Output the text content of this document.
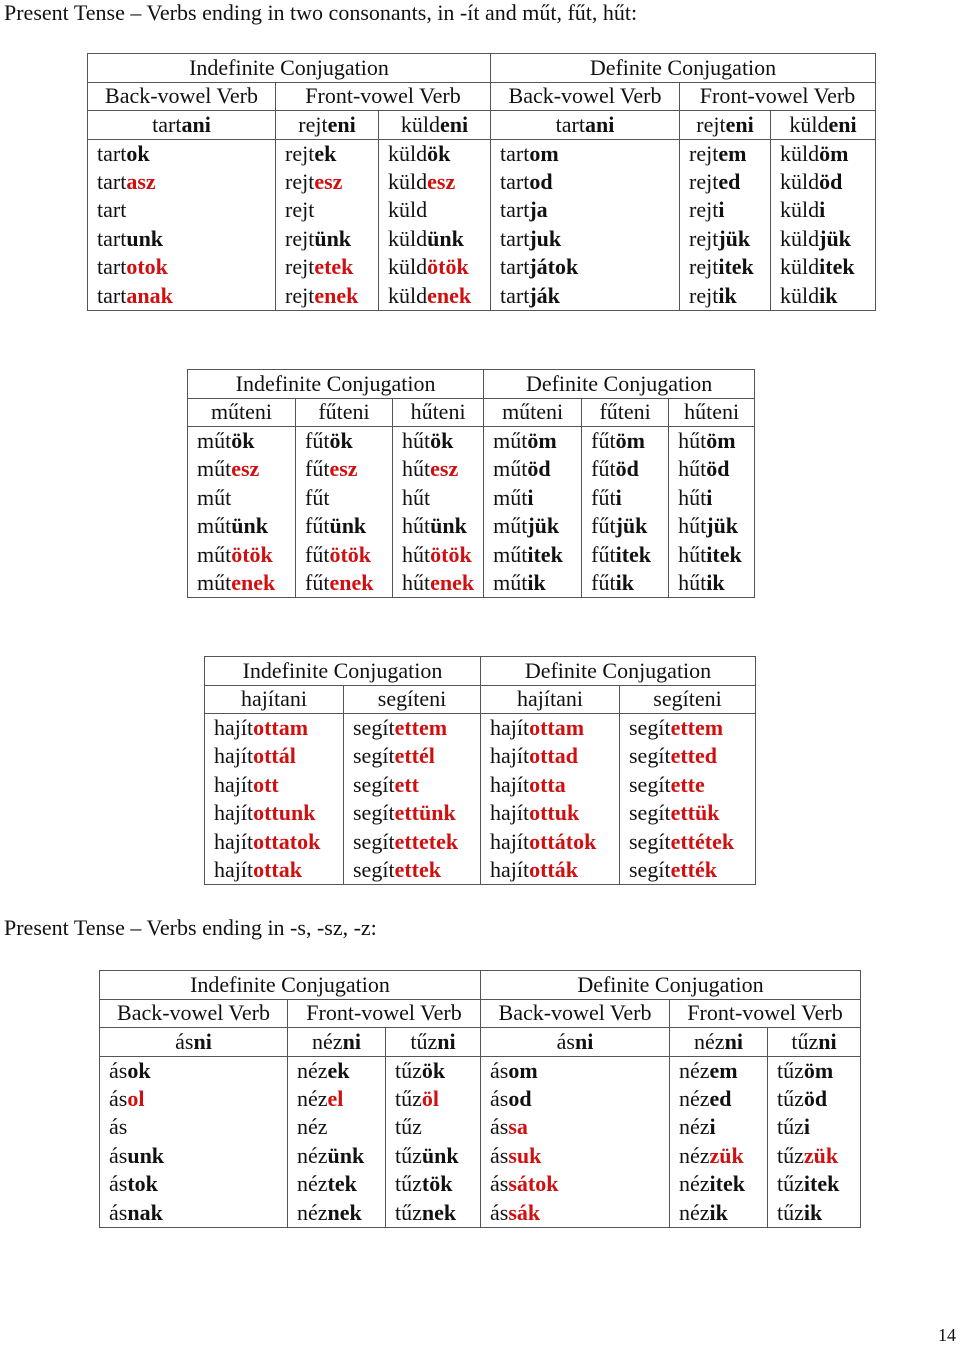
Present Tense – Verbs ending in two consonants, in -ít and műt, fűt, hűt:
Indefinite Conjugation			Definite Conjugation		
Back-vowel Verb	Front-vowel Verb		Back-vowel Verb	Front-vowel Verb	
tartani	rejteni	küldeni	tartani	rejteni	küldeni
tartok	rejtek	küldök	tartom	rejtem	küldöm
tartasz	rejtesz	küldesz	tartod	rejted	küldöd
tart	rejt	küld	tartja	rejti	küldi
tartunk	rejtünk	küldünk	tartjuk	rejtjük	küldjük
tartotok	rejtetek	küldötök	tartjátok	rejtitek	külditek
tartanak	rejtenek	küldenek	tartják	rejtik	küldik
Indefinite Conjugation			Definite Conjugation		
műteni	fűteni	hűteni	műteni	fűteni	hűteni
műtök	fűtök	hűtök	műtöm	fűtöm	hűtöm
műtesz	fűtesz	hűtesz	műtöd	fűtöd	hűtöd
műt	fűt	hűt	műti	fűti	hűti
műtünk	fűtünk	hűtünk	műtjük	fűtjük	hűtjük
műtötök	fűtötök	hűtötök	műtitek	fűtitek	hűtitek
műtenek	fűtenek	hűtenek	műtik	fűtik	hűtik
Indefinite Conjugation		Definite Conjugation	
hajítani	segíteni	hajítani	segíteni
hajítottam	segítettem	hajítottam	segítettem
hajítottál	segítettél	hajítottad	segítetted
hajított	segített	hajította	segítette
hajítottunk	segítettünk	hajítottuk	segítettük
hajítottatok	segítettetek	hajítottátok	segítettétek
hajítottak	segítettek	hajították	segítették
Present Tense – Verbs ending in -s, -sz, -z:
Indefinite Conjugation			Definite Conjugation		
Back-vowel Verb	Front-vowel Verb		Back-vowel Verb	Front-vowel Verb	
ásni	nézni	tűzni	ásni	nézni	tűzni
ások	nézek	tűzök	ásom	nézem	tűzöm
ásol	nézel	tűzöl	ásod	nézed	tűzöd
ás	néz	tűz	ássa	nézi	tűzi
ásunk	nézünk	tűzünk	ássuk	nézzük	tűzzük
ástok	néztek	tűztök	ássátok	nézitek	tűzitek
ásnak	néznek	tűznek	ássák	nézik	tűzik
14
